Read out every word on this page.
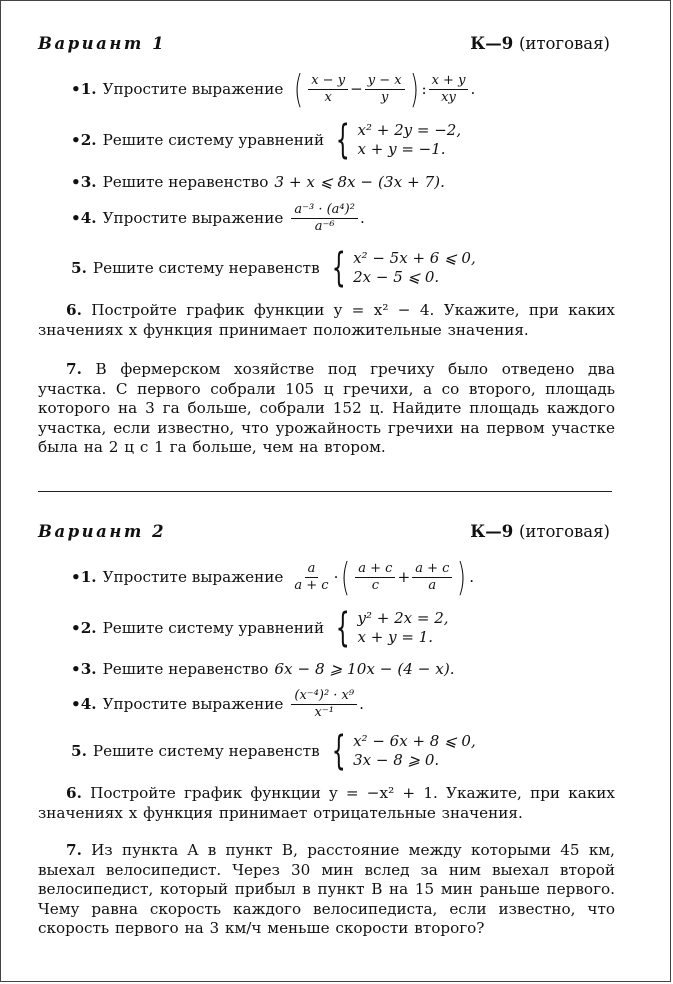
Вариант 1	К—9 (итоговая)
•1. Упростите выражение ( $\frac{x - y}{x} - \frac{y - x}{y}$ ) : $\frac{x + y}{xy}$ .
•2. Решите систему уравнений { x² + 2y = −2,
x + y = −1.
•3. Решите неравенство 3 + x ⩽ 8x − (3x + 7).
•4. Упростите выражение $\frac{\text{a⁻³ · (a⁴)²}}{\text{a⁻⁶}}$ .
5. Решите систему неравенств { x² − 5x + 6 ⩽ 0,
2x − 5 ⩽ 0.
6. Постройте график функции y = x² − 4. Укажите, при каких значениях x функция принимает положительные значения.
7. В фермерском хозяйстве под гречиху было отведено два участка. С первого собрали 105 ц гречихи, а со второго, площадь которого на 3 га больше, собрали 152 ц. Найдите площадь каждого участка, если известно, что урожайность гречихи на первом участке была на 2 ц с 1 га больше, чем на втором.
Вариант 2	К—9 (итоговая)
•1. Упростите выражение $\frac{a}{a + c}$ · ( $\frac{a + c}{c} + \frac{a + c}{a}$ ) .
•2. Решите систему уравнений { y² + 2x = 2,
x + y = 1.
•3. Решите неравенство 6x − 8 ⩾ 10x − (4 − x).
•4. Упростите выражение $\frac{\text{(x⁻⁴)² · x⁹}}{\text{x⁻¹}}$ .
5. Решите систему неравенств { x² − 6x + 8 ⩽ 0,
3x − 8 ⩾ 0.
6. Постройте график функции y = −x² + 1. Укажите, при каких значениях x функция принимает отрицательные значения.
7. Из пункта A в пункт B, расстояние между которыми 45 км, выехал велосипедист. Через 30 мин вслед за ним выехал второй велосипедист, который прибыл в пункт B на 15 мин раньше первого. Чему равна скорость каждого велосипедиста, если известно, что скорость первого на 3 км/ч меньше скорости второго?
